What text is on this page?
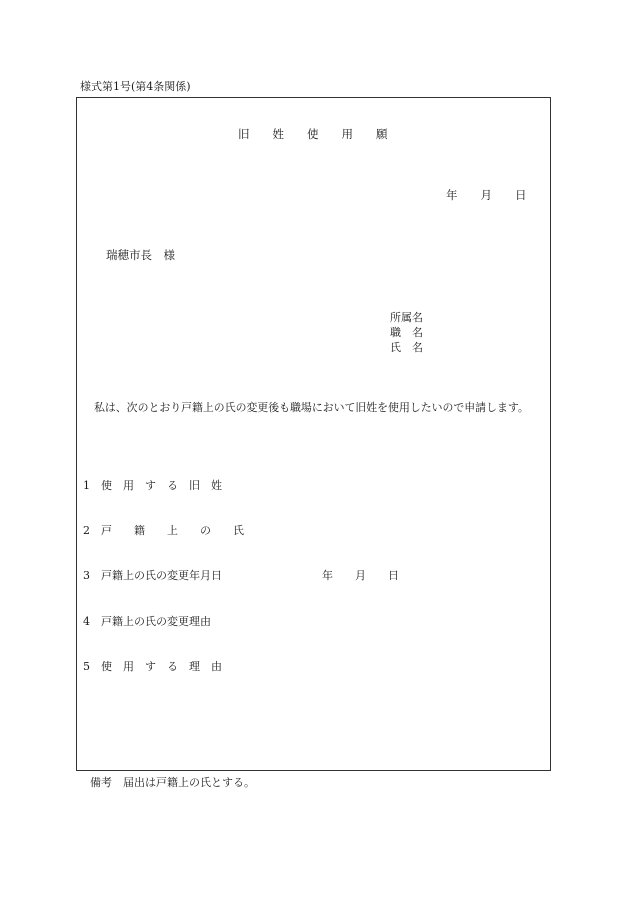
様式第1号(第4条関係)
旧　　姓　　使　　用　　願
年　　月　　日
瑞穂市長　様
所属名
職　名
氏　名
私は、次のとおり戸籍上の氏の変更後も職場において旧姓を使用したいので申請します。
1　使　用　す　る　旧　姓
2　戸　　籍　　上　　の　　氏
3　戸籍上の氏の変更年月日	年　　月　　日
4　戸籍上の氏の変更理由
5　使　用　す　る　理　由
備考　届出は戸籍上の氏とする。
